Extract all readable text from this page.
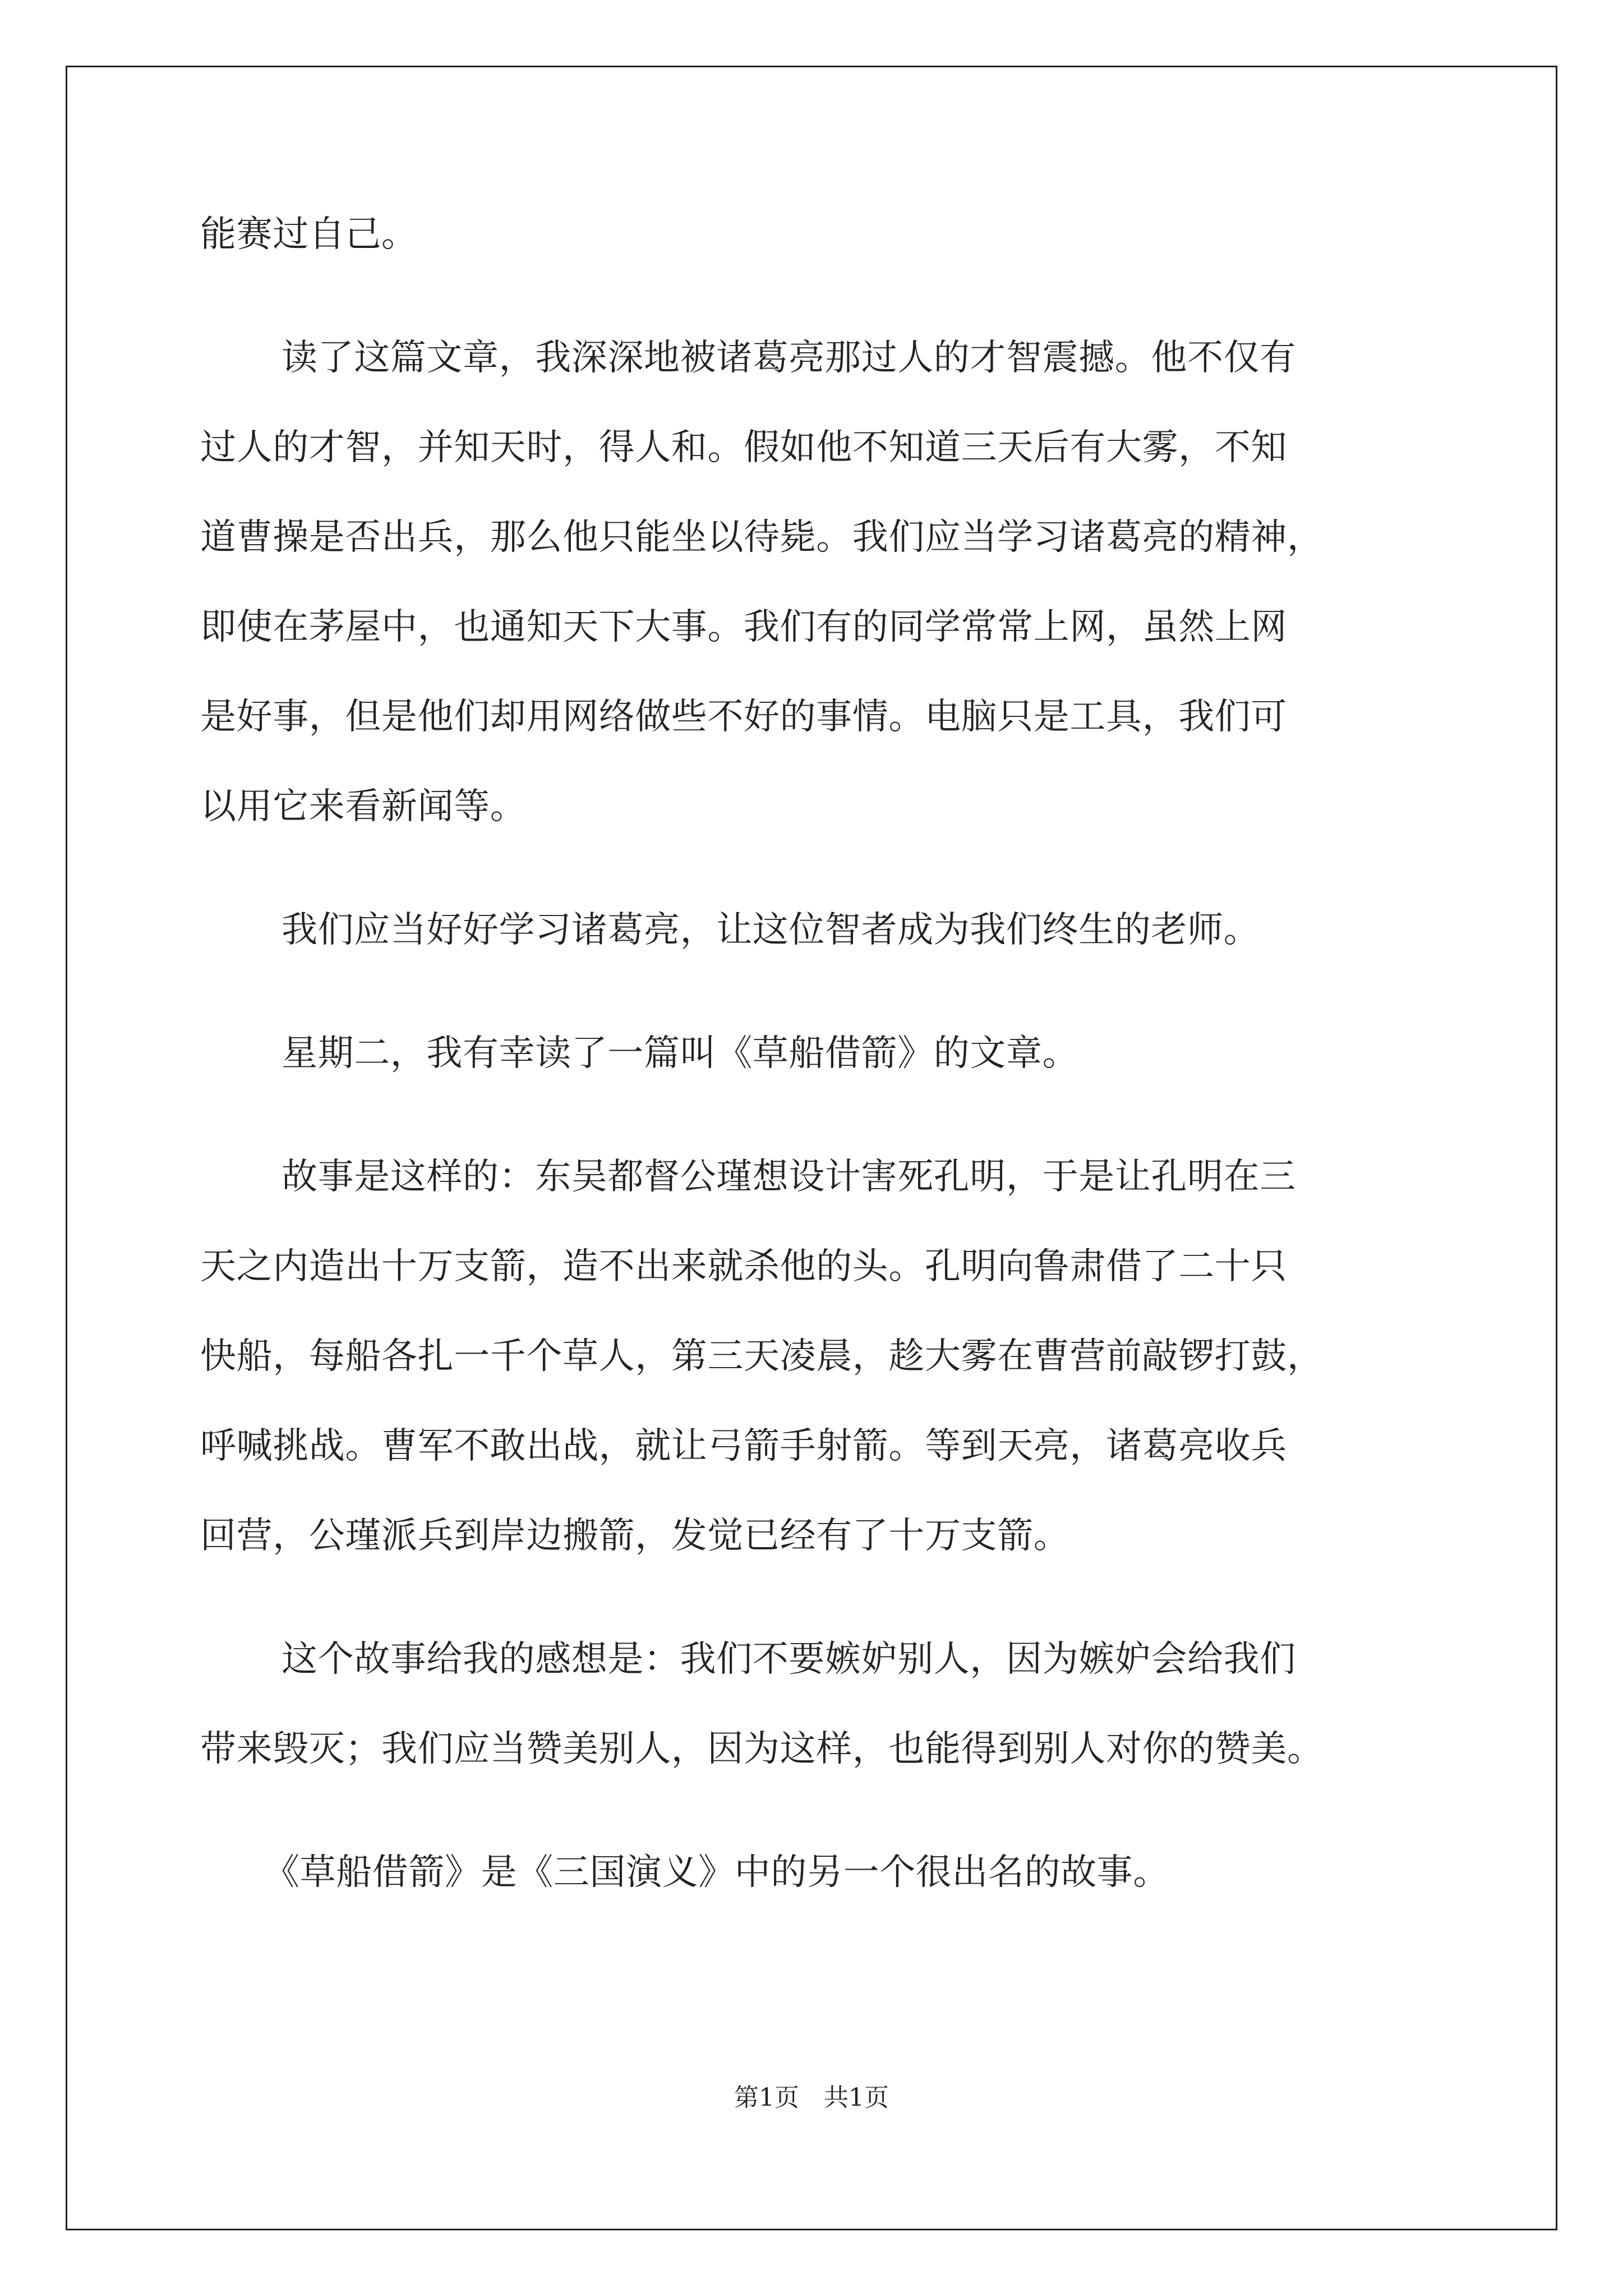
能赛过自己。
读了这篇文章，我深深地被诸葛亮那过人的才智震撼。他不仅有
过人的才智，并知天时，得人和。假如他不知道三天后有大雾，不知
道曹操是否出兵，那么他只能坐以待毙。我们应当学习诸葛亮的精神，
即使在茅屋中，也通知天下大事。我们有的同学常常上网，虽然上网
是好事，但是他们却用网络做些不好的事情。电脑只是工具，我们可
以用它来看新闻等。
我们应当好好学习诸葛亮，让这位智者成为我们终生的老师。
星期二，我有幸读了一篇叫《草船借箭》的文章。
故事是这样的：东吴都督公瑾想设计害死孔明，于是让孔明在三
天之内造出十万支箭，造不出来就杀他的头。孔明向鲁肃借了二十只
快船，每船各扎一千个草人，第三天凌晨，趁大雾在曹营前敲锣打鼓，
呼喊挑战。曹军不敢出战，就让弓箭手射箭。等到天亮，诸葛亮收兵
回营，公瑾派兵到岸边搬箭，发觉已经有了十万支箭。
这个故事给我的感想是：我们不要嫉妒别人，因为嫉妒会给我们
带来毁灭；我们应当赞美别人，因为这样，也能得到别人对你的赞美。
《草船借箭》是《三国演义》中的另一个很出名的故事。
第1页　共1页
